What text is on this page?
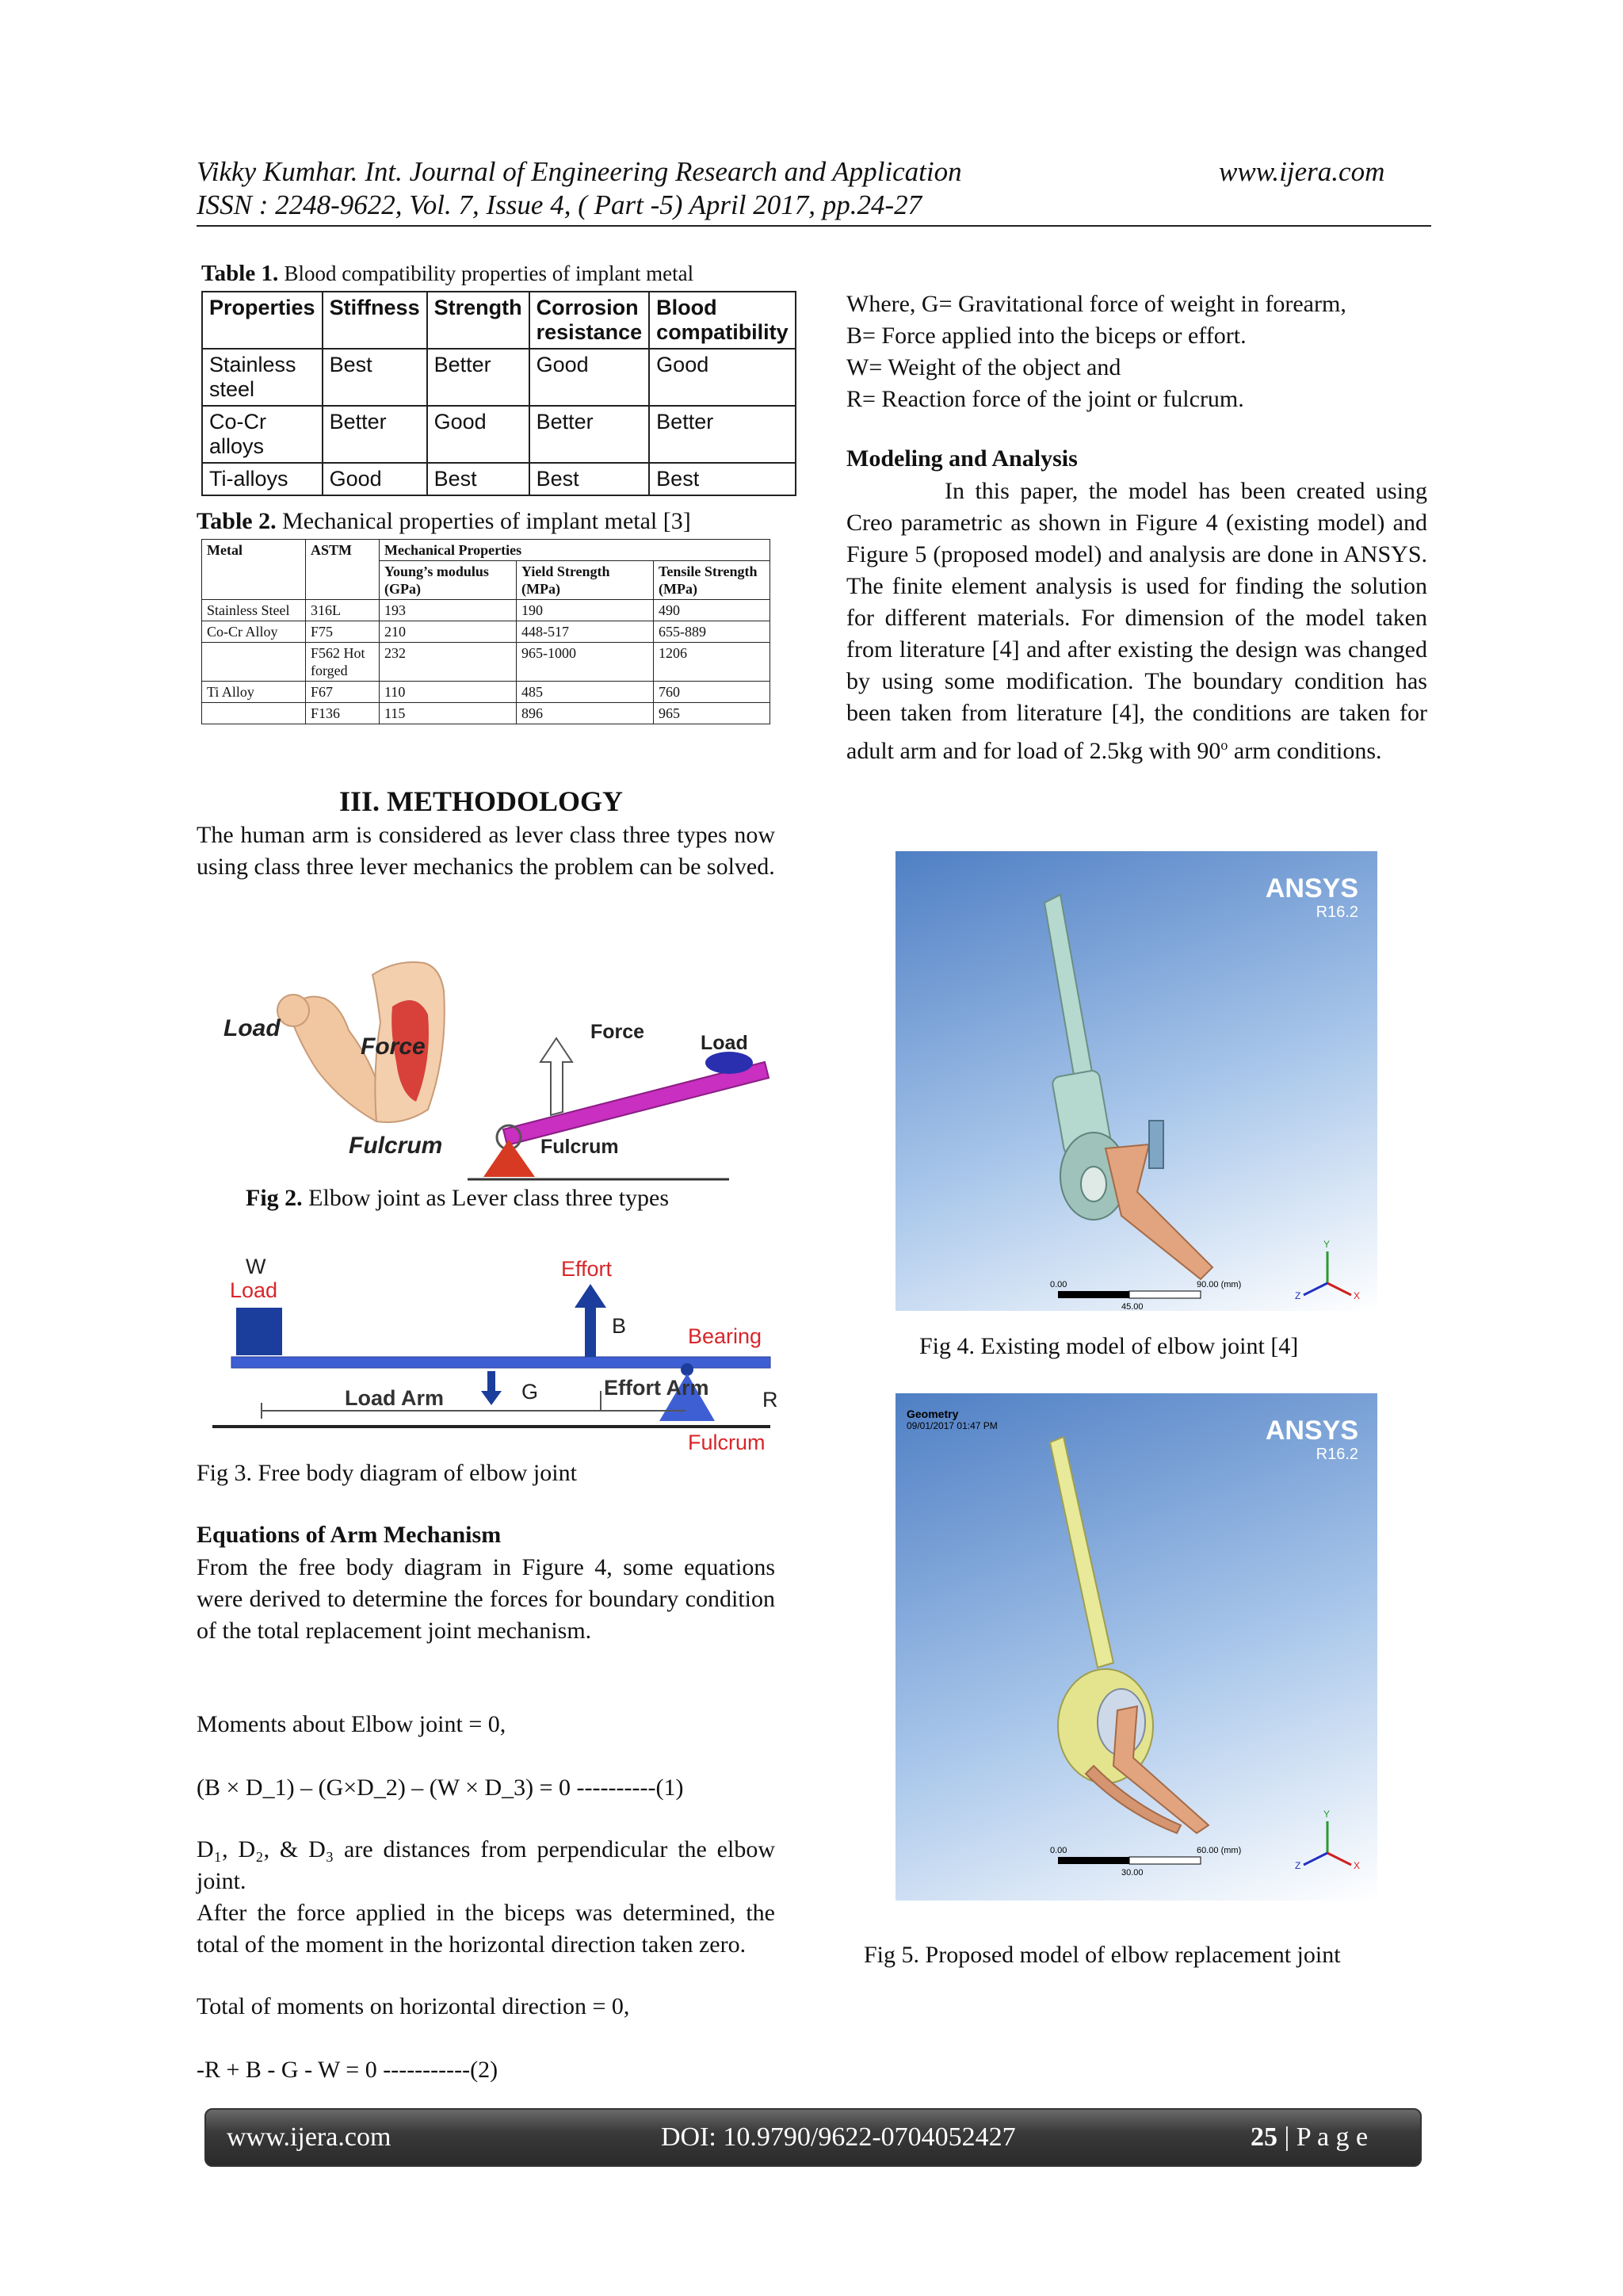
Vikky Kumhar. Int. Journal of Engineering Research and Application	www.ijera.com
ISSN : 2248-9622, Vol. 7, Issue 4, ( Part -5) April 2017, pp.24-27
Table 1. Blood compatibility properties of implant metal
Properties	Stiffness	Strength	Corrosion resistance	Blood compatibility
Stainless steel	Best	Better	Good	Good
Co-Cr alloys	Better	Good	Better	Better
Ti-alloys	Good	Best	Best	Best
Table 2. Mechanical properties of implant metal [3]
Metal	ASTM	Mechanical Properties		
		Young’s modulus (GPa)	Yield Strength (MPa)	Tensile Strength (MPa)
Stainless Steel	316L	193	190	490
Co-Cr Alloy	F75	210	448-517	655-889
	F562 Hot forged	232	965-1000	1206
Ti Alloy	F67	110	485	760
	F136	115	896	965
III. METHODOLOGY
The human arm is considered as lever class three types now using class three lever mechanics the problem can be solved.
Load
Force
Fulcrum
Force	Load
Fulcrum
Fig 2. Elbow joint as Lever class three types
W
Load
Effort
B	Bearing
R
G
Load Arm	Effort Arm
Fulcrum
Fig 3. Free body diagram of elbow joint
Equations of Arm Mechanism
From the free body diagram in Figure 4, some equations were derived to determine the forces for boundary condition of the total replacement joint mechanism.
Moments about Elbow joint = 0,
(B × D_1) – (G×D_2) – (W × D_3) = 0 ----------(1)
D₁, D₂, & D₃ are distances from perpendicular the elbow joint.
After the force applied in the biceps was determined, the total of the moment in the horizontal direction taken zero.
Total of moments on horizontal direction = 0,
-R + B - G - W = 0 -----------(2)
Where, G= Gravitational force of weight in forearm,
B= Force applied into the biceps or effort.
W= Weight of the object and
R= Reaction force of the joint or fulcrum.
Modeling and Analysis
In this paper, the model has been created using Creo parametric as shown in Figure 4 (existing model) and Figure 5 (proposed model) and analysis are done in ANSYS. The finite element analysis is used for finding the solution for different materials. For dimension of the model taken from literature [4] and after existing the design was changed by using some modification. The boundary condition has been taken from literature [4], the conditions are taken for adult arm and for load of 2.5kg with 90$^o$ arm conditions.
ANSYS
R16.2
0.00	90.00 (mm)
45.00
Y
X
Z
Fig 4. Existing model of elbow joint [4]
Geometry
09/01/2017 01:47 PM	ANSYS
R16.2
0.00	60.00 (mm)
30.00
Y
X
Z
Fig 5. Proposed model of elbow replacement joint
www.ijera.com	DOI: 10.9790/9622-0704052427	25 | P a g e
